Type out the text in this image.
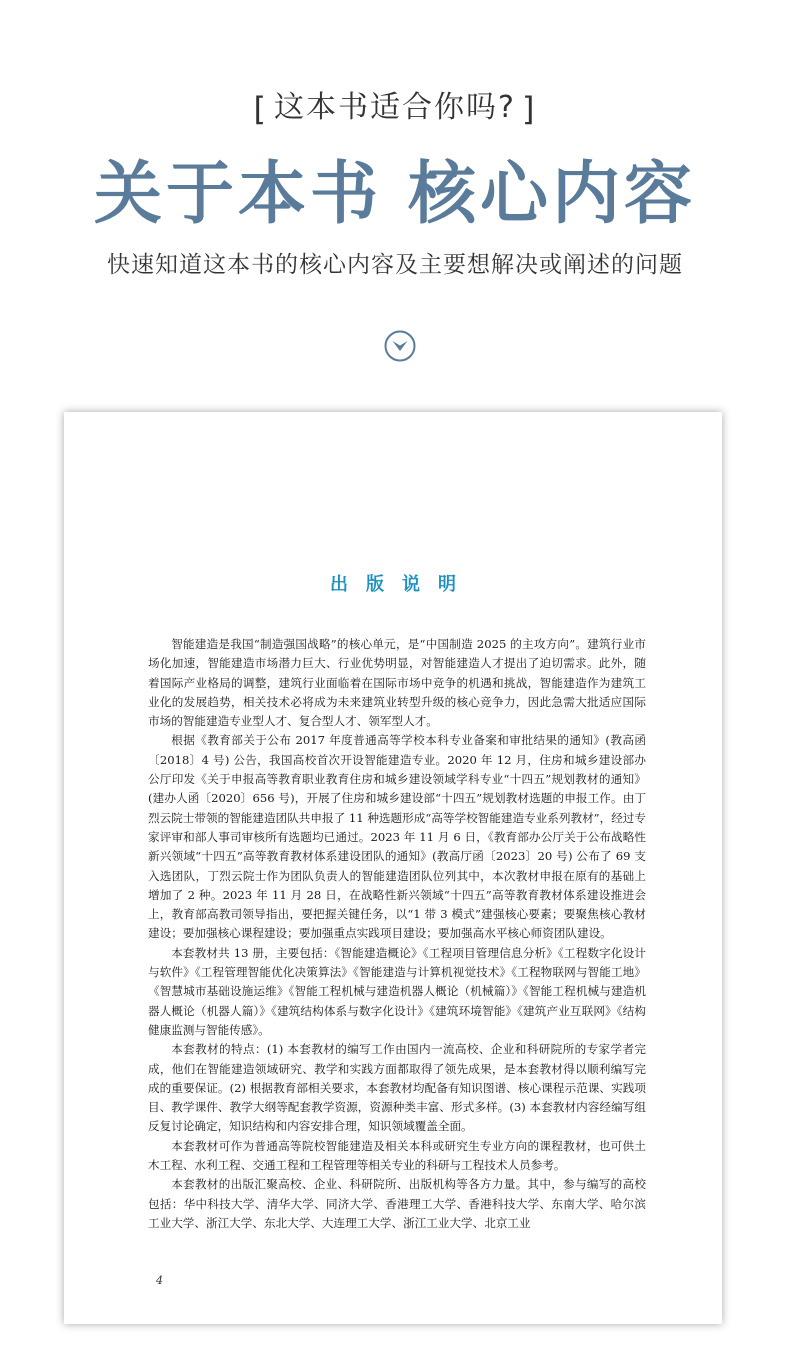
[ 这本书适合你吗? ]
关于本书 核心内容
快速知道这本书的核心内容及主要想解决或阐述的问题
出版说明

智能建造是我国“制造强国战略”的核心单元，是“中国制造 2025 的主攻方向”。建筑行业市场化加速，智能建造市场潜力巨大、行业优势明显，对智能建造人才提出了迫切需求。此外，随着国际产业格局的调整，建筑行业面临着在国际市场中竞争的机遇和挑战，智能建造作为建筑工业化的发展趋势，相关技术必将成为未来建筑业转型升级的核心竞争力，因此急需大批适应国际市场的智能建造专业型人才、复合型人才、领军型人才。

根据《教育部关于公布 2017 年度普通高等学校本科专业备案和审批结果的通知》(教高函〔2018〕4 号) 公告，我国高校首次开设智能建造专业。2020 年 12 月，住房和城乡建设部办公厅印发《关于申报高等教育职业教育住房和城乡建设领域学科专业“十四五”规划教材的通知》(建办人函〔2020〕656 号)，开展了住房和城乡建设部“十四五”规划教材选题的申报工作。由丁烈云院士带领的智能建造团队共申报了 11 种选题形成“高等学校智能建造专业系列教材”，经过专家评审和部人事司审核所有选题均已通过。2023 年 11 月 6 日，《教育部办公厅关于公布战略性新兴领域“十四五”高等教育教材体系建设团队的通知》(教高厅函〔2023〕20 号) 公布了 69 支入选团队，丁烈云院士作为团队负责人的智能建造团队位列其中，本次教材申报在原有的基础上增加了 2 种。2023 年 11 月 28 日，在战略性新兴领域“十四五”高等教育教材体系建设推进会上，教育部高教司领导指出，要把握关键任务，以“1 带 3 模式”建强核心要素；要聚焦核心教材建设；要加强核心课程建设；要加强重点实践项目建设；要加强高水平核心师资团队建设。

本套教材共 13 册，主要包括：《智能建造概论》《工程项目管理信息分析》《工程数字化设计与软件》《工程管理智能优化决策算法》《智能建造与计算机视觉技术》《工程物联网与智能工地》《智慧城市基础设施运维》《智能工程机械与建造机器人概论（机械篇）》《智能工程机械与建造机器人概论（机器人篇）》《建筑结构体系与数字化设计》《建筑环境智能》《建筑产业互联网》《结构健康监测与智能传感》。

本套教材的特点：(1) 本套教材的编写工作由国内一流高校、企业和科研院所的专家学者完成，他们在智能建造领域研究、教学和实践方面都取得了领先成果，是本套教材得以顺利编写完成的重要保证。(2) 根据教育部相关要求，本套教材均配备有知识图谱、核心课程示范课、实践项目、教学课件、教学大纲等配套教学资源，资源种类丰富、形式多样。(3) 本套教材内容经编写组反复讨论确定，知识结构和内容安排合理，知识领域覆盖全面。

本套教材可作为普通高等院校智能建造及相关本科或研究生专业方向的课程教材，也可供土木工程、水利工程、交通工程和工程管理等相关专业的科研与工程技术人员参考。

本套教材的出版汇聚高校、企业、科研院所、出版机构等各方力量。其中，参与编写的高校包括：华中科技大学、清华大学、同济大学、香港理工大学、香港科技大学、东南大学、哈尔滨工业大学、浙江大学、东北大学、大连理工大学、浙江工业大学、北京工业

4
